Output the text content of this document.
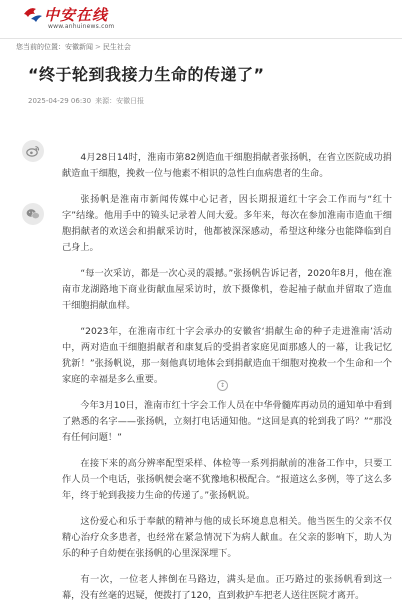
中安在线
www.anhuinews.com
您当前的位置：安徽新闻 > 民生社会
“终于轮到我接力生命的传递了”
2025-04-29 06:30 来源：安徽日报

4月28日14时，淮南市第82例造血干细胞捐献者张扬帆，在省立医院成功捐献造血干细胞，挽救一位与他素不相识的急性白血病患者的生命。

张扬帆是淮南市新闻传媒中心记者，因长期报道红十字会工作而与“红十字”结缘。他用手中的镜头记录着人间大爱。多年来，每次在参加淮南市造血干细胞捐献者的欢送会和捐献采访时，他都被深深感动，希望这种缘分也能降临到自己身上。

“每一次采访，都是一次心灵的震撼。”张扬帆告诉记者，2020年8月，他在淮南市龙湖路地下商业街献血屋采访时，放下摄像机，卷起袖子献血并留取了造血干细胞捐献血样。

“2023年，在淮南市红十字会承办的安徽省‘捐献生命的种子走进淮南’活动中，两对造血干细胞捐献者和康复后的受捐者家庭见面那感人的一幕，让我记忆犹新！”张扬帆说，那一刻他真切地体会到捐献造血干细胞对挽救一个生命和一个家庭的幸福是多么重要。

今年3月10日，淮南市红十字会工作人员在中华骨髓库再动员的通知单中看到了熟悉的名字——张扬帆，立刻打电话通知他。“这回是真的轮到我了吗？”“那没有任何问题！”

在接下来的高分辨率配型采样、体检等一系列捐献前的准备工作中，只要工作人员一个电话，张扬帆便会毫不犹豫地积极配合。“报道这么多例，等了这么多年，终于轮到我接力生命的传递了。”张扬帆说。

这份爱心和乐于奉献的精神与他的成长环境息息相关。他当医生的父亲不仅精心治疗众多患者，也经常在紧急情况下为病人献血。在父亲的影响下，助人为乐的种子自幼便在张扬帆的心里深深埋下。

有一次，一位老人摔倒在马路边，满头是血。正巧路过的张扬帆看到这一幕，没有丝毫的迟疑，便拨打了120，直到救护车把老人送往医院才离开。

↕
